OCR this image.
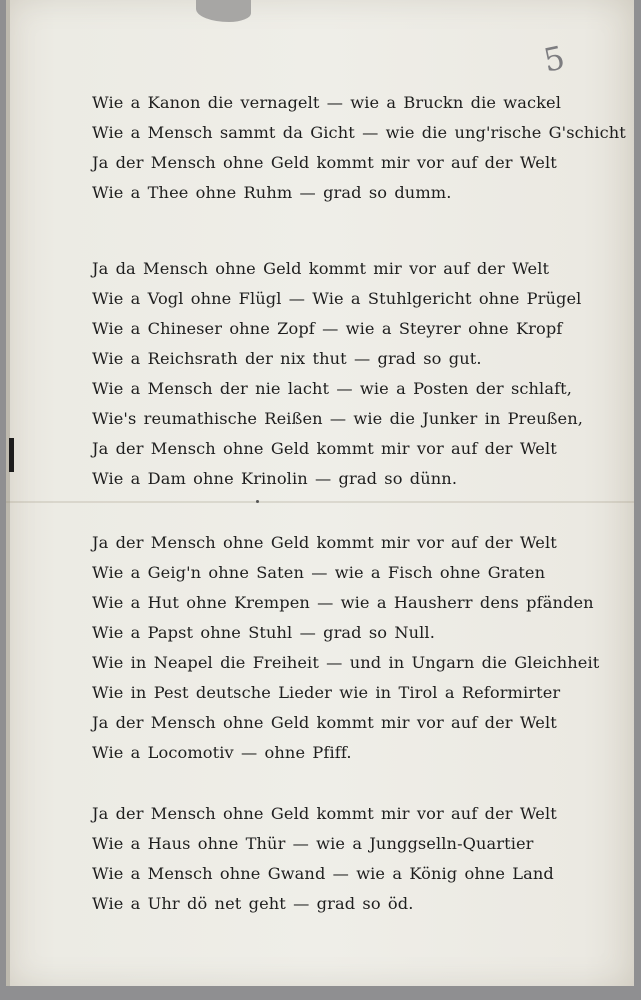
5
Wie a Kanon die vernagelt — wie a Bruckn die wackel
Wie a Mensch sammt da Gicht — wie die ung'rische G'schicht
Ja der Mensch ohne Geld kommt mir vor auf der Welt
Wie a Thee ohne Ruhm — grad so dumm.
Ja da Mensch ohne Geld kommt mir vor auf der Welt
Wie a Vogl ohne Flügl — Wie a Stuhlgericht ohne Prügel
Wie a Chineser ohne Zopf — wie a Steyrer ohne Kropf
Wie a Reichsrath der nix thut — grad so gut.
Wie a Mensch der nie lacht — wie a Posten der schlaft,
Wie's reumathische Reißen — wie die Junker in Preußen,
Ja der Mensch ohne Geld kommt mir vor auf der Welt
Wie a Dam ohne Krinolin — grad so dünn.
Ja der Mensch ohne Geld kommt mir vor auf der Welt
Wie a Geig'n ohne Saten — wie a Fisch ohne Graten
Wie a Hut ohne Krempen — wie a Hausherr dens pfänden
Wie a Papst ohne Stuhl — grad so Null.
Wie in Neapel die Freiheit — und in Ungarn die Gleichheit
Wie in Pest deutsche Lieder wie in Tirol a Reformirter
Ja der Mensch ohne Geld kommt mir vor auf der Welt
Wie a Locomotiv — ohne Pfiff.
Ja der Mensch ohne Geld kommt mir vor auf der Welt
Wie a Haus ohne Thür — wie a Junggselln-Quartier
Wie a Mensch ohne Gwand — wie a König ohne Land
Wie a Uhr dö net geht — grad so öd.
